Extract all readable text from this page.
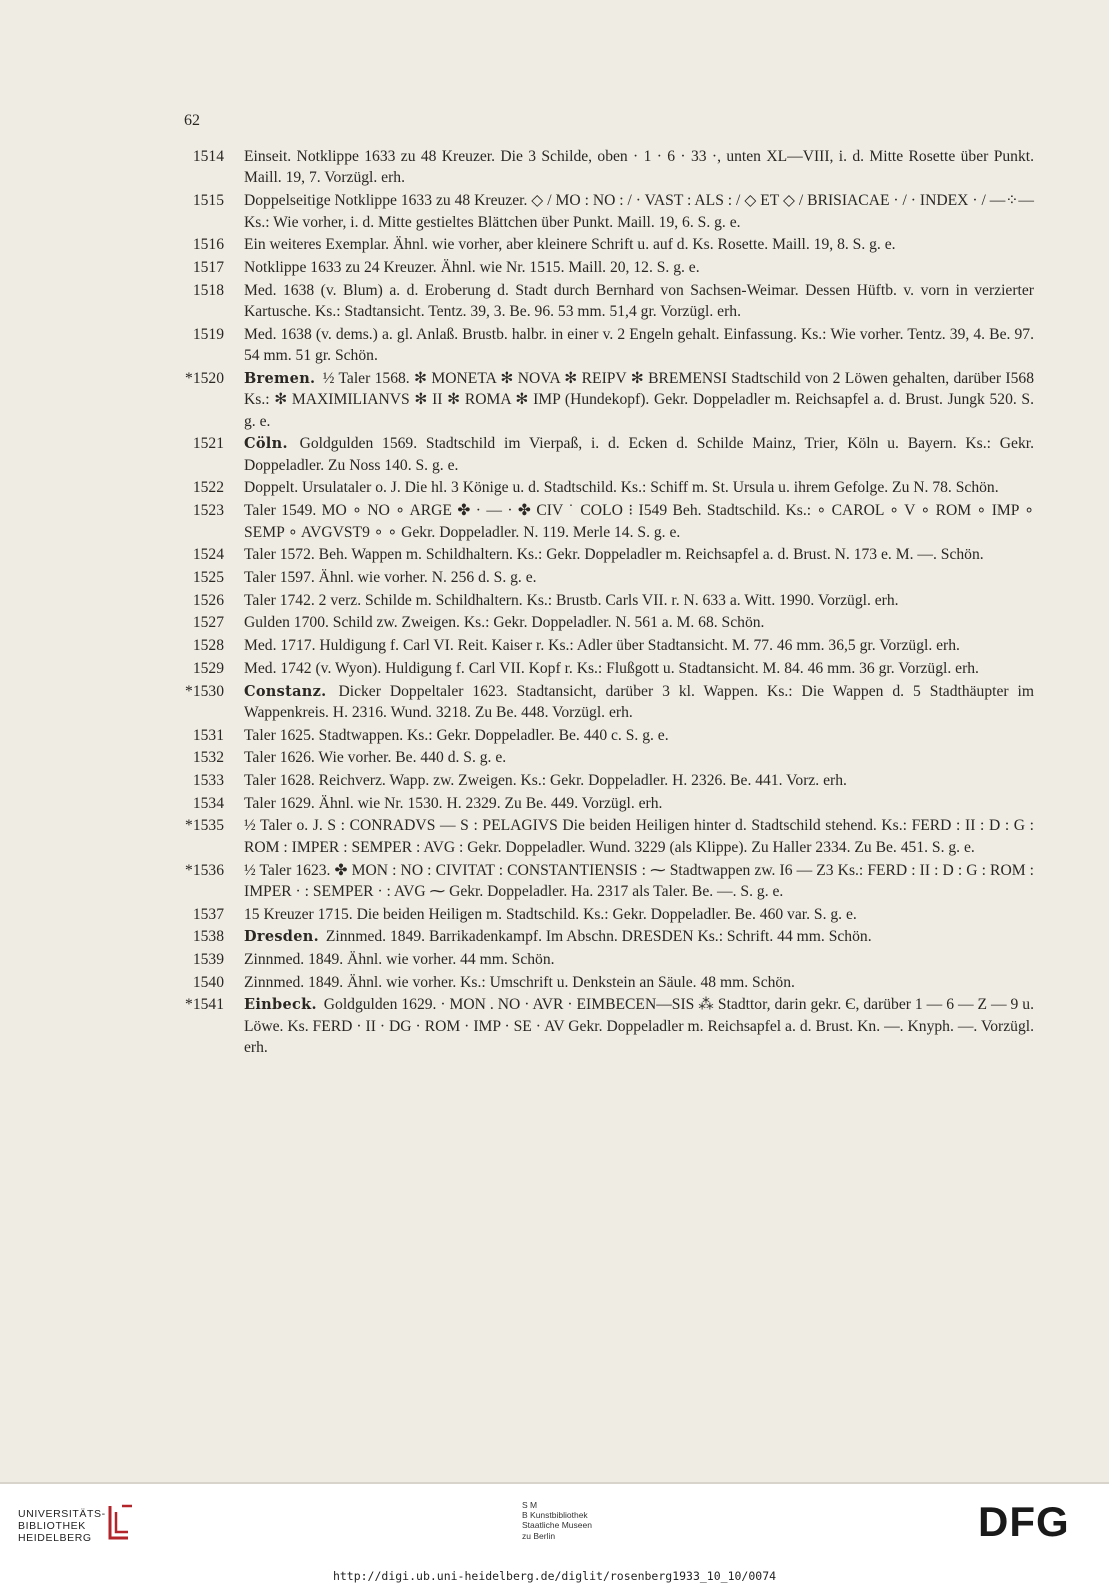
62
1514	Einseit. Notklippe 1633 zu 48 Kreuzer. Die 3 Schilde, oben · 1 · 6 · 33 ·, unten XL—VIII, i. d. Mitte Rosette über Punkt. Maill. 19, 7. Vorzügl. erh.
1515	Doppelseitige Notklippe 1633 zu 48 Kreuzer. ◇ / MO : NO : / · VAST : ALS : / ◇ ET ◇ / BRISIACAE · / · INDEX · / —⁘— Ks.: Wie vorher, i. d. Mitte gestieltes Blättchen über Punkt. Maill. 19, 6. S. g. e.
1516	Ein weiteres Exemplar. Ähnl. wie vorher, aber kleinere Schrift u. auf d. Ks. Rosette. Maill. 19, 8. S. g. e.
1517	Notklippe 1633 zu 24 Kreuzer. Ähnl. wie Nr. 1515. Maill. 20, 12. S. g. e.
1518	Med. 1638 (v. Blum) a. d. Eroberung d. Stadt durch Bernhard von Sachsen-Weimar. Dessen Hüftb. v. vorn in verzierter Kartusche. Ks.: Stadtansicht. Tentz. 39, 3. Be. 96. 53 mm. 51,4 gr. Vorzügl. erh.
1519	Med. 1638 (v. dems.) a. gl. Anlaß. Brustb. halbr. in einer v. 2 Engeln gehalt. Einfassung. Ks.: Wie vorher. Tentz. 39, 4. Be. 97. 54 mm. 51 gr. Schön.
*1520	Bremen. ½ Taler 1568. ✻ MONETA ✻ NOVA ✻ REIPV ✻ BREMENSI Stadtschild von 2 Löwen gehalten, darüber I568 Ks.: ✻ MAXIMILIANVS ✻ II ✻ ROMA ✻ IMP (Hundekopf). Gekr. Doppeladler m. Reichsapfel a. d. Brust. Jungk 520. S. g. e.
1521	Cöln. Goldgulden 1569. Stadtschild im Vierpaß, i. d. Ecken d. Schilde Mainz, Trier, Köln u. Bayern. Ks.: Gekr. Doppeladler. Zu Noss 140. S. g. e.
1522	Doppelt. Ursulataler o. J. Die hl. 3 Könige u. d. Stadtschild. Ks.: Schiff m. St. Ursula u. ihrem Gefolge. Zu N. 78. Schön.
1523	Taler 1549. MO ∘ NO ∘ ARGE ✤ · — · ✤ CIV ˙ COLO ⁝ I549 Beh. Stadtschild. Ks.: ∘ CAROL ∘ V ∘ ROM ∘ IMP ∘ SEMP ∘ AVGVST9 ∘ ∘ Gekr. Doppeladler. N. 119. Merle 14. S. g. e.
1524	Taler 1572. Beh. Wappen m. Schildhaltern. Ks.: Gekr. Doppeladler m. Reichsapfel a. d. Brust. N. 173 e. M. —. Schön.
1525	Taler 1597. Ähnl. wie vorher. N. 256 d. S. g. e.
1526	Taler 1742. 2 verz. Schilde m. Schildhaltern. Ks.: Brustb. Carls VII. r. N. 633 a. Witt. 1990. Vorzügl. erh.
1527	Gulden 1700. Schild zw. Zweigen. Ks.: Gekr. Doppeladler. N. 561 a. M. 68. Schön.
1528	Med. 1717. Huldigung f. Carl VI. Reit. Kaiser r. Ks.: Adler über Stadtansicht. M. 77. 46 mm. 36,5 gr. Vorzügl. erh.
1529	Med. 1742 (v. Wyon). Huldigung f. Carl VII. Kopf r. Ks.: Flußgott u. Stadtansicht. M. 84. 46 mm. 36 gr. Vorzügl. erh.
*1530	Constanz. Dicker Doppeltaler 1623. Stadtansicht, darüber 3 kl. Wappen. Ks.: Die Wappen d. 5 Stadthäupter im Wappenkreis. H. 2316. Wund. 3218. Zu Be. 448. Vorzügl. erh.
1531	Taler 1625. Stadtwappen. Ks.: Gekr. Doppeladler. Be. 440 c. S. g. e.
1532	Taler 1626. Wie vorher. Be. 440 d. S. g. e.
1533	Taler 1628. Reichverz. Wapp. zw. Zweigen. Ks.: Gekr. Doppeladler. H. 2326. Be. 441. Vorz. erh.
1534	Taler 1629. Ähnl. wie Nr. 1530. H. 2329. Zu Be. 449. Vorzügl. erh.
*1535	½ Taler o. J. S : CONRADVS — S : PELAGIVS Die beiden Heiligen hinter d. Stadtschild stehend. Ks.: FERD : II : D : G : ROM : IMPER : SEMPER : AVG : Gekr. Doppeladler. Wund. 3229 (als Klippe). Zu Haller 2334. Zu Be. 451. S. g. e.
*1536	½ Taler 1623. ✤ MON : NO : CIVITAT : CONSTANTIENSIS : ⁓ Stadtwappen zw. I6 — Z3 Ks.: FERD : II : D : G : ROM : IMPER · : SEMPER · : AVG ⁓ Gekr. Doppeladler. Ha. 2317 als Taler. Be. —. S. g. e.
1537	15 Kreuzer 1715. Die beiden Heiligen m. Stadtschild. Ks.: Gekr. Doppeladler. Be. 460 var. S. g. e.
1538	Dresden. Zinnmed. 1849. Barrikadenkampf. Im Abschn. DRESDEN Ks.: Schrift. 44 mm. Schön.
1539	Zinnmed. 1849. Ähnl. wie vorher. 44 mm. Schön.
1540	Zinnmed. 1849. Ähnl. wie vorher. Ks.: Umschrift u. Denkstein an Säule. 48 mm. Schön.
*1541	Einbeck. Goldgulden 1629. · MON . NO · AVR · EIMBECEN—SIS ⁂ Stadttor, darin gekr. Є, darüber 1 — 6 — Z — 9 u. Löwe. Ks. FERD · II · DG · ROM · IMP · SE · AV Gekr. Doppeladler m. Reichsapfel a. d. Brust. Kn. —. Knyph. —. Vorzügl. erh.
UNIVERSITÄTS-
BIBLIOTHEK
HEIDELBERG
S M
B Kunstbibliothek
Staatliche Museen
zu Berlin	DFG
http://digi.ub.uni-heidelberg.de/diglit/rosenberg1933_10_10/0074
